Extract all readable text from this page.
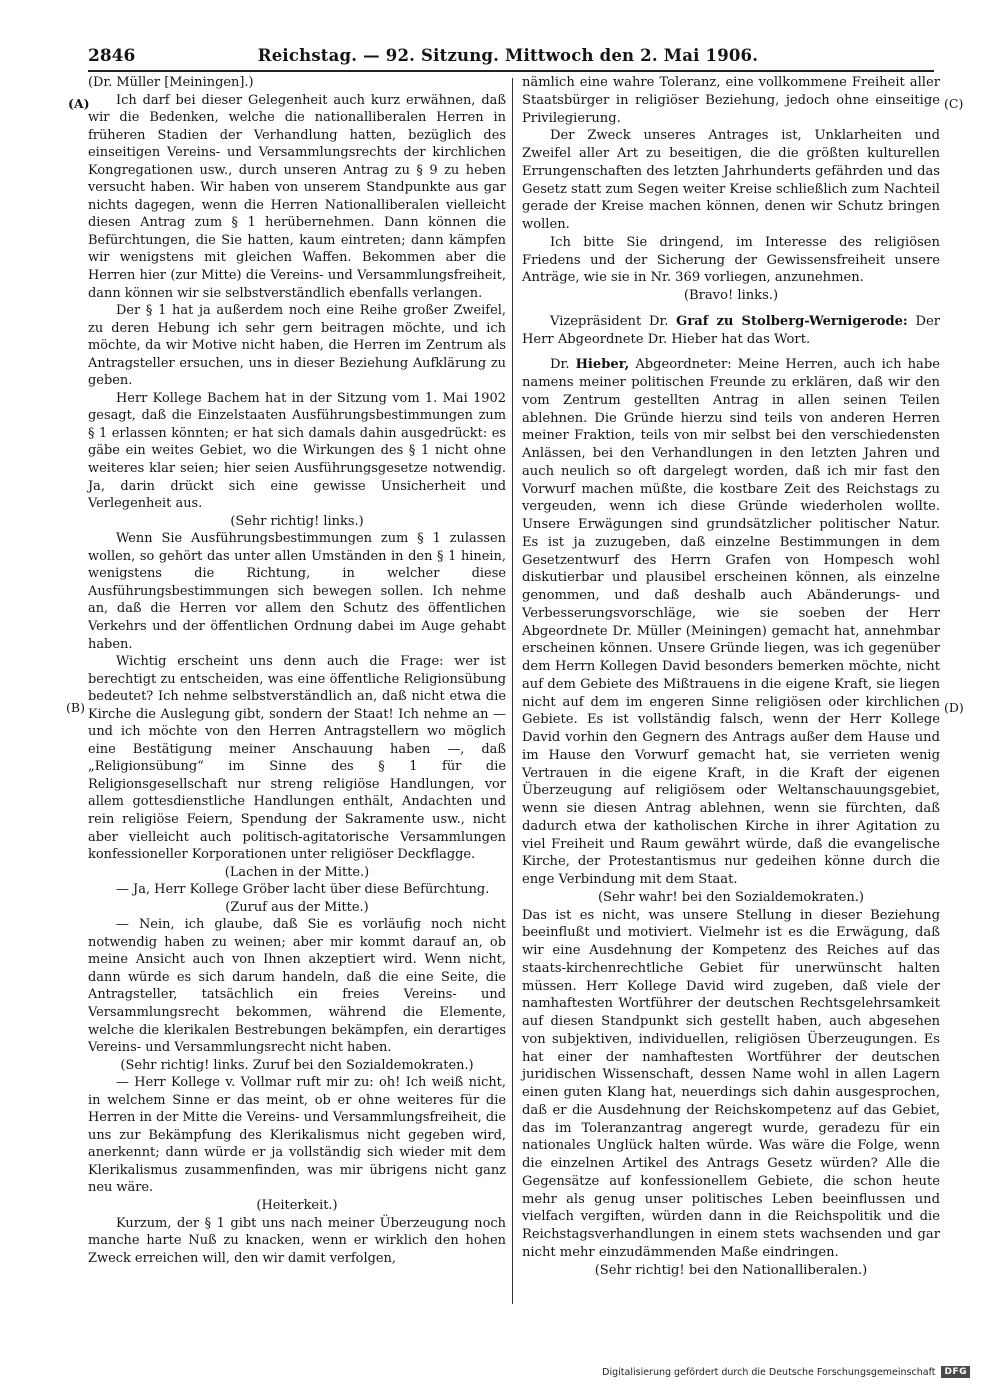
2846	Reichstag. — 92. Sitzung. Mittwoch den 2. Mai 1906.
(A)
(B)
(C)
(D)

(Dr. Müller [Meiningen].)

Ich darf bei dieser Gelegenheit auch kurz erwähnen, daß wir die Bedenken, welche die nationalliberalen Herren in früheren Stadien der Verhandlung hatten, bezüglich des einseitigen Vereins- und Versammlungsrechts der kirchlichen Kongregationen usw., durch unseren Antrag zu § 9 zu heben versucht haben. Wir haben von unserem Standpunkte aus gar nichts dagegen, wenn die Herren Nationalliberalen vielleicht diesen Antrag zum § 1 herübernehmen. Dann können die Befürchtungen, die Sie hatten, kaum eintreten; dann kämpfen wir wenigstens mit gleichen Waffen. Bekommen aber die Herren hier (zur Mitte) die Vereins- und Versammlungsfreiheit, dann können wir sie selbstverständlich ebenfalls verlangen.

Der § 1 hat ja außerdem noch eine Reihe großer Zweifel, zu deren Hebung ich sehr gern beitragen möchte, und ich möchte, da wir Motive nicht haben, die Herren im Zentrum als Antragsteller ersuchen, uns in dieser Beziehung Aufklärung zu geben.

Herr Kollege Bachem hat in der Sitzung vom 1. Mai 1902 gesagt, daß die Einzelstaaten Ausführungsbestimmungen zum § 1 erlassen könnten; er hat sich damals dahin ausgedrückt: es gäbe ein weites Gebiet, wo die Wirkungen des § 1 nicht ohne weiteres klar seien; hier seien Ausführungsgesetze notwendig. Ja, darin drückt sich eine gewisse Unsicherheit und Verlegenheit aus.

(Sehr richtig! links.)

Wenn Sie Ausführungsbestimmungen zum § 1 zulassen wollen, so gehört das unter allen Umständen in den § 1 hinein, wenigstens die Richtung, in welcher diese Ausführungsbestimmungen sich bewegen sollen. Ich nehme an, daß die Herren vor allem den Schutz des öffentlichen Verkehrs und der öffentlichen Ordnung dabei im Auge gehabt haben.

Wichtig erscheint uns denn auch die Frage: wer ist berechtigt zu entscheiden, was eine öffentliche Religionsübung bedeutet? Ich nehme selbstverständlich an, daß nicht etwa die Kirche die Auslegung gibt, sondern der Staat! Ich nehme an — und ich möchte von den Herren Antragstellern wo möglich eine Bestätigung meiner Anschauung haben —, daß „Religionsübung“ im Sinne des § 1 für die Religionsgesellschaft nur streng religiöse Handlungen, vor allem gottesdienstliche Handlungen enthält, Andachten und rein religiöse Feiern, Spendung der Sakramente usw., nicht aber vielleicht auch politisch-agitatorische Versammlungen konfessioneller Korporationen unter religiöser Deckflagge.

(Lachen in der Mitte.)

— Ja, Herr Kollege Gröber lacht über diese Befürchtung.

(Zuruf aus der Mitte.)

— Nein, ich glaube, daß Sie es vorläufig noch nicht notwendig haben zu weinen; aber mir kommt darauf an, ob meine Ansicht auch von Ihnen akzeptiert wird. Wenn nicht, dann würde es sich darum handeln, daß die eine Seite, die Antragsteller, tatsächlich ein freies Vereins- und Versammlungsrecht bekommen, während die Elemente, welche die klerikalen Bestrebungen bekämpfen, ein derartiges Vereins- und Versammlungsrecht nicht haben.

(Sehr richtig! links. Zuruf bei den Sozialdemokraten.)

— Herr Kollege v. Vollmar ruft mir zu: oh! Ich weiß nicht, in welchem Sinne er das meint, ob er ohne weiteres für die Herren in der Mitte die Vereins- und Versammlungsfreiheit, die uns zur Bekämpfung des Klerikalismus nicht gegeben wird, anerkennt; dann würde er ja vollständig sich wieder mit dem Klerikalismus zusammenfinden, was mir übrigens nicht ganz neu wäre.

(Heiterkeit.)

Kurzum, der § 1 gibt uns nach meiner Überzeugung noch manche harte Nuß zu knacken, wenn er wirklich den hohen Zweck erreichen will, den wir damit verfolgen,

nämlich eine wahre Toleranz, eine vollkommene Freiheit aller Staatsbürger in religiöser Beziehung, jedoch ohne einseitige Privilegierung.

Der Zweck unseres Antrages ist, Unklarheiten und Zweifel aller Art zu beseitigen, die die größten kulturellen Errungenschaften des letzten Jahrhunderts gefährden und das Gesetz statt zum Segen weiter Kreise schließlich zum Nachteil gerade der Kreise machen können, denen wir Schutz bringen wollen.

Ich bitte Sie dringend, im Interesse des religiösen Friedens und der Sicherung der Gewissensfreiheit unsere Anträge, wie sie in Nr. 369 vorliegen, anzunehmen.

(Bravo! links.)

Vizepräsident Dr. Graf zu Stolberg-Wernigerode: Der Herr Abgeordnete Dr. Hieber hat das Wort.

Dr. Hieber, Abgeordneter: Meine Herren, auch ich habe namens meiner politischen Freunde zu erklären, daß wir den vom Zentrum gestellten Antrag in allen seinen Teilen ablehnen. Die Gründe hierzu sind teils von anderen Herren meiner Fraktion, teils von mir selbst bei den verschiedensten Anlässen, bei den Verhandlungen in den letzten Jahren und auch neulich so oft dargelegt worden, daß ich mir fast den Vorwurf machen müßte, die kostbare Zeit des Reichstags zu vergeuden, wenn ich diese Gründe wiederholen wollte. Unsere Erwägungen sind grundsätzlicher politischer Natur. Es ist ja zuzugeben, daß einzelne Bestimmungen in dem Gesetzentwurf des Herrn Grafen von Hompesch wohl diskutierbar und plausibel erscheinen können, als einzelne genommen, und daß deshalb auch Abänderungs- und Verbesserungsvorschläge, wie sie soeben der Herr Abgeordnete Dr. Müller (Meiningen) gemacht hat, annehmbar erscheinen können. Unsere Gründe liegen, was ich gegenüber dem Herrn Kollegen David besonders bemerken möchte, nicht auf dem Gebiete des Mißtrauens in die eigene Kraft, sie liegen nicht auf dem im engeren Sinne religiösen oder kirchlichen Gebiete. Es ist vollständig falsch, wenn der Herr Kollege David vorhin den Gegnern des Antrags außer dem Hause und im Hause den Vorwurf gemacht hat, sie verrieten wenig Vertrauen in die eigene Kraft, in die Kraft der eigenen Überzeugung auf religiösem oder Weltanschauungsgebiet, wenn sie diesen Antrag ablehnen, wenn sie fürchten, daß dadurch etwa der katholischen Kirche in ihrer Agitation zu viel Freiheit und Raum gewährt würde, daß die evangelische Kirche, der Protestantismus nur gedeihen könne durch die enge Verbindung mit dem Staat.

(Sehr wahr! bei den Sozialdemokraten.)

Das ist es nicht, was unsere Stellung in dieser Beziehung beeinflußt und motiviert. Vielmehr ist es die Erwägung, daß wir eine Ausdehnung der Kompetenz des Reiches auf das staats-kirchenrechtliche Gebiet für unerwünscht halten müssen. Herr Kollege David wird zugeben, daß viele der namhaftesten Wortführer der deutschen Rechtsgelehrsamkeit auf diesen Standpunkt sich gestellt haben, auch abgesehen von subjektiven, individuellen, religiösen Überzeugungen. Es hat einer der namhaftesten Wortführer der deutschen juridischen Wissenschaft, dessen Name wohl in allen Lagern einen guten Klang hat, neuerdings sich dahin ausgesprochen, daß er die Ausdehnung der Reichskompetenz auf das Gebiet, das im Toleranzantrag angeregt wurde, geradezu für ein nationales Unglück halten würde. Was wäre die Folge, wenn die einzelnen Artikel des Antrags Gesetz würden? Alle die Gegensätze auf konfessionellem Gebiete, die schon heute mehr als genug unser politisches Leben beeinflussen und vielfach vergiften, würden dann in die Reichspolitik und die Reichstagsverhandlungen in einem stets wachsenden und gar nicht mehr einzudämmenden Maße eindringen.

(Sehr richtig! bei den Nationalliberalen.)

Digitalisierung gefördert durch die Deutsche Forschungsgemeinschaft	DFG
